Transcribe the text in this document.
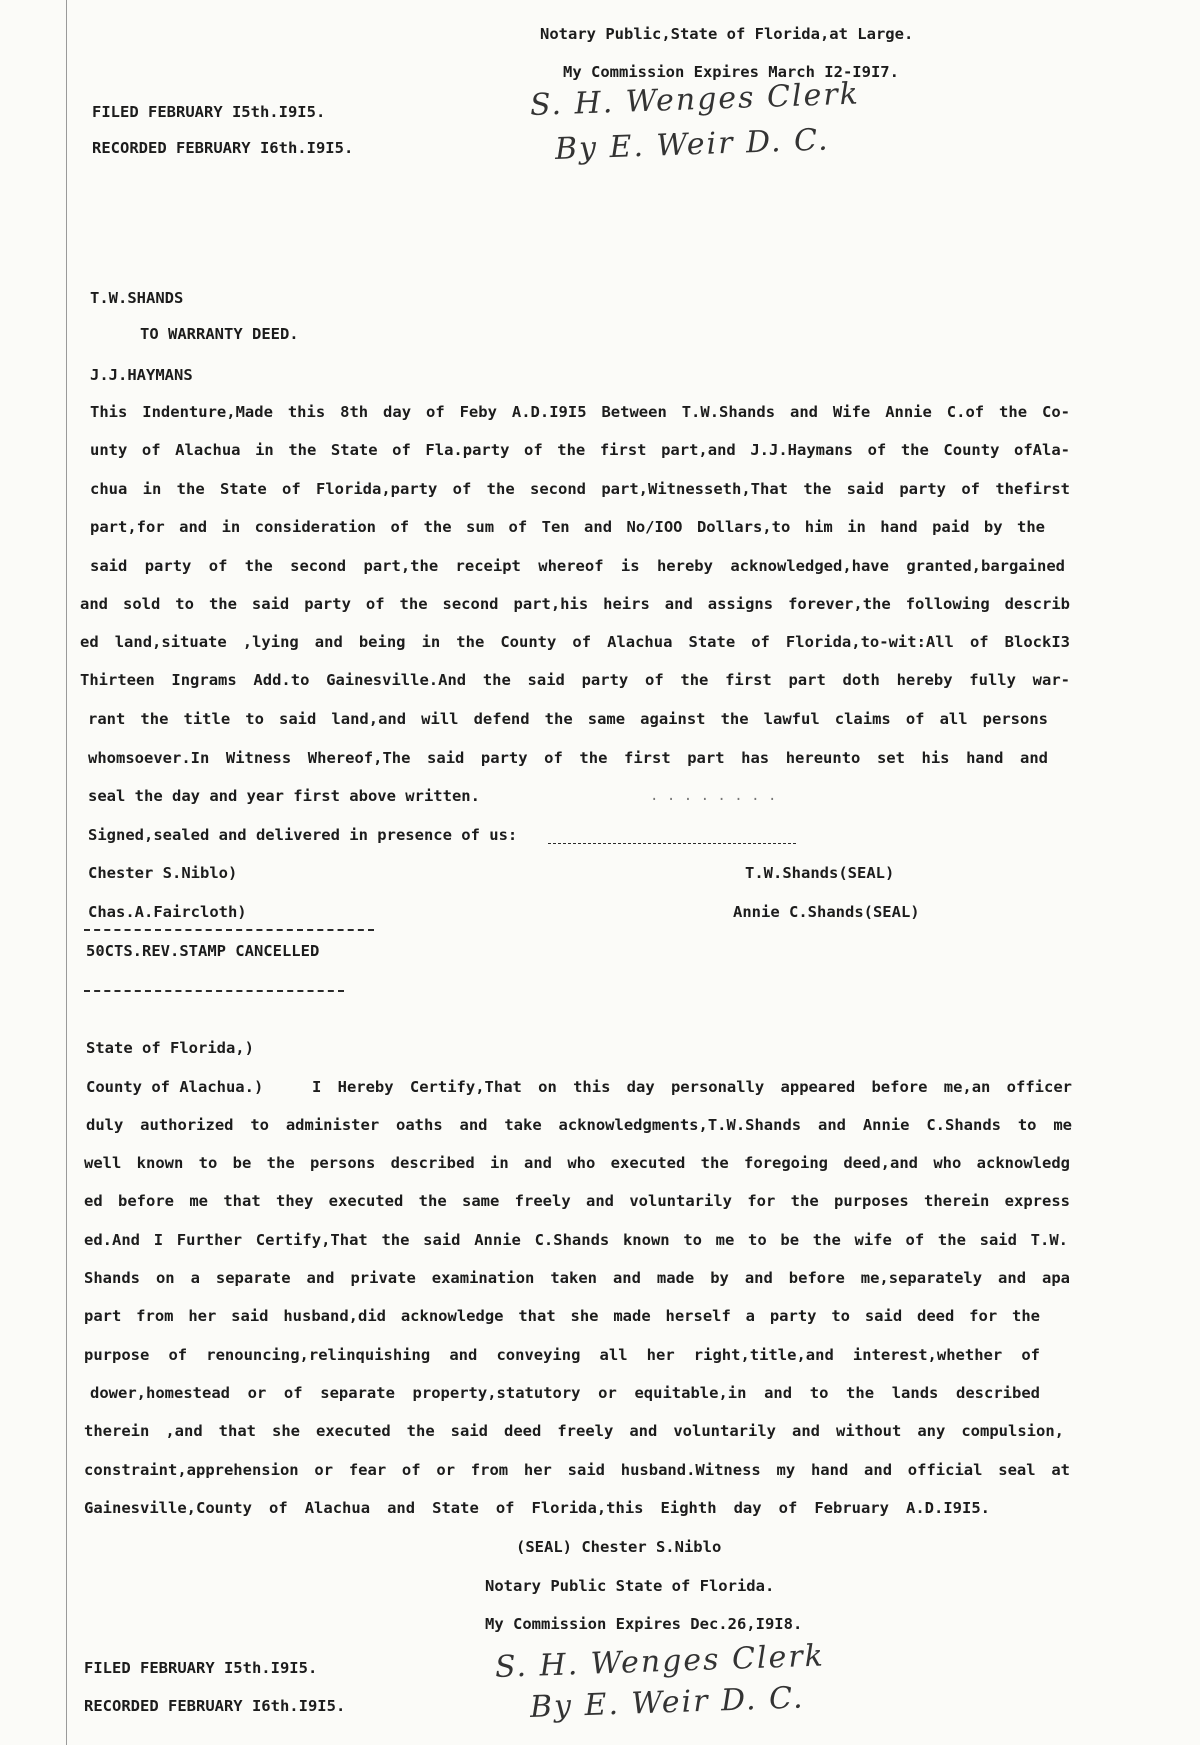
Notary Public,State of Florida,at Large.
My Commission Expires March I2-I9I7.
FILED FEBRUARY I5th.I9I5.
RECORDED FEBRUARY I6th.I9I5.
S. H. Wenges Clerk
By E. Weir D. C.
T.W.SHANDS
TO WARRANTY DEED.
J.J.HAYMANS
This Indenture,Made this 8th day of Feby A.D.I9I5 Between T.W.Shands and Wife Annie C.of the Co-
unty of Alachua in the State of Fla.party of the first part,and J.J.Haymans of the County ofAla-
chua in the State of Florida,party of the second part,Witnesseth,That the said party of thefirst
part,for and in consideration of the sum of Ten and No/IOO Dollars,to him in hand paid by the
said party of the second part,the receipt whereof is hereby acknowledged,have granted,bargained
and sold to the said party of the second part,his heirs and assigns forever,the following describ
ed land,situate ,lying and being in the County of Alachua State of Florida,to-wit:All of BlockI3
Thirteen Ingrams Add.to Gainesville.And the said party of the first part doth hereby fully war-
rant the title to said land,and will defend the same against the lawful claims of all persons
whomsoever.In Witness Whereof,The said party of the first part has hereunto set his hand and
seal the day and year first above written.	. . . . . . . .
Signed,sealed and delivered in presence of us:
Chester S.Niblo)	T.W.Shands(SEAL)
Chas.A.Faircloth)	Annie C.Shands(SEAL)
50CTS.REV.STAMP CANCELLED
State of Florida,)
County of Alachua.)	I Hereby Certify,That on this day personally appeared before me,an officer
duly authorized to administer oaths and take acknowledgments,T.W.Shands and Annie C.Shands to me
well known to be the persons described in and who executed the foregoing deed,and who acknowledg
ed before me that they executed the same freely and voluntarily for the purposes therein express
ed.And I Further Certify,That the said Annie C.Shands known to me to be the wife of the said T.W.
Shands on a separate and private examination taken and made by and before me,separately and apa
part from her said husband,did acknowledge that she made herself a party to said deed for the
purpose of renouncing,relinquishing and conveying all her right,title,and interest,whether of
dower,homestead or of separate property,statutory or equitable,in and to the lands described
therein ,and that she executed the said deed freely and voluntarily and without any compulsion,
constraint,apprehension or fear of or from her said husband.Witness my hand and official seal at
Gainesville,County of Alachua and State of Florida,this Eighth day of February A.D.I9I5.
(SEAL) Chester S.Niblo
Notary Public State of Florida.
My Commission Expires Dec.26,I9I8.
FILED FEBRUARY I5th.I9I5.
RECORDED FEBRUARY I6th.I9I5.
S. H. Wenges Clerk
By E. Weir D. C.
